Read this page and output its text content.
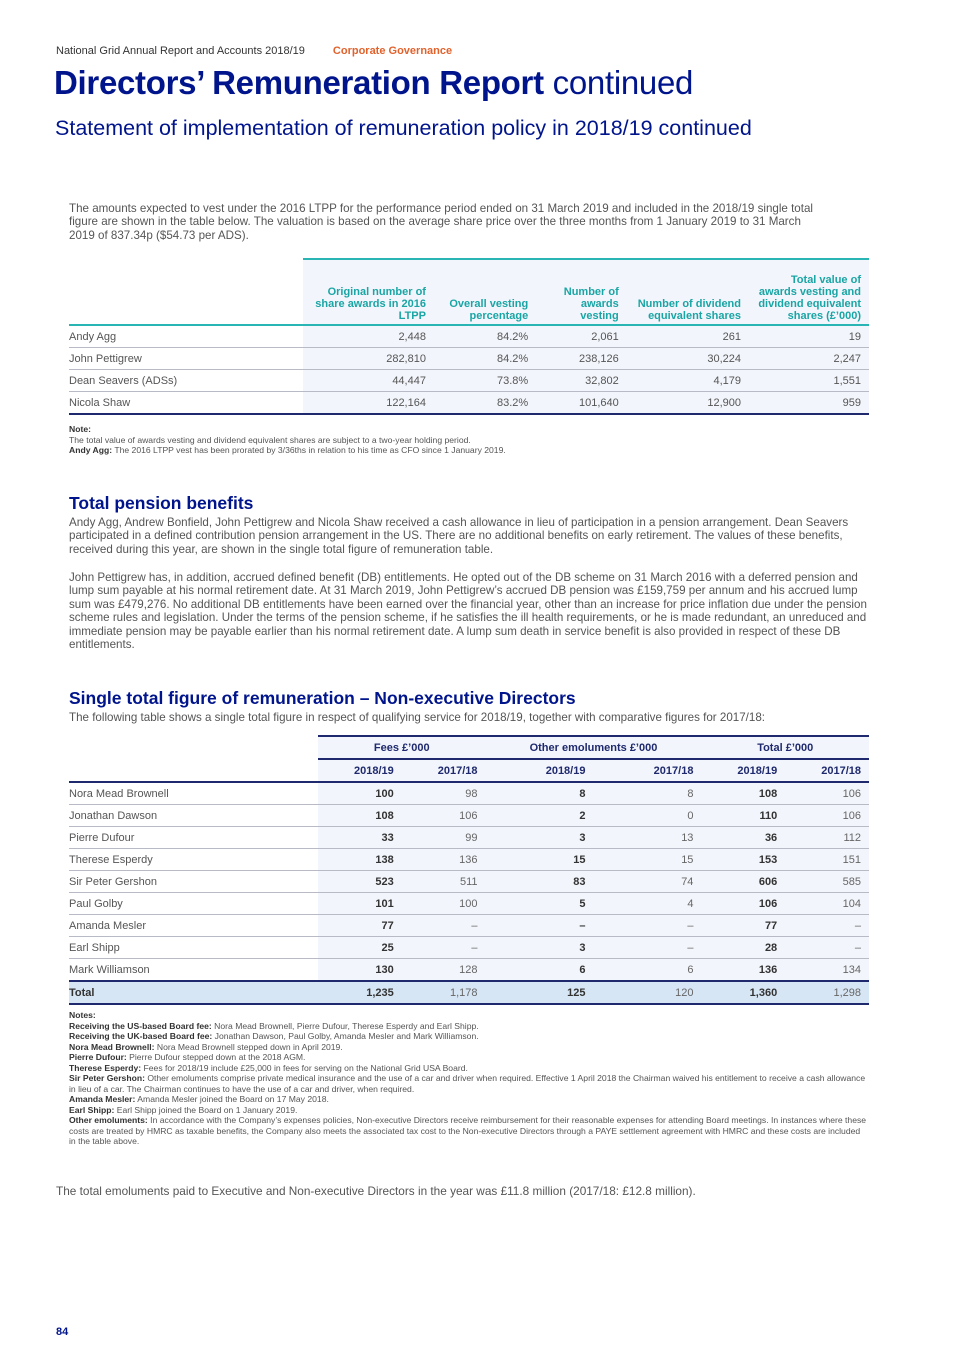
National Grid Annual Report and Accounts 2018/19	Corporate Governance
Directors’ Remuneration Report continued
Statement of implementation of remuneration policy in 2018/19 continued
The amounts expected to vest under the 2016 LTPP for the performance period ended on 31 March 2019 and included in the 2018/19 single total figure are shown in the table below. The valuation is based on the average share price over the three months from 1 January 2019 to 31 March 2019 of 837.34p ($54.73 per ADS).
	Original number of share awards in 2016 LTPP	Overall vesting percentage	Number of awards vesting	Number of dividend equivalent shares	Total value of awards vesting and dividend equivalent shares (£’000)
Andy Agg	2,448	84.2%	2,061	261	19
John Pettigrew	282,810	84.2%	238,126	30,224	2,247
Dean Seavers (ADSs)	44,447	73.8%	32,802	4,179	1,551
Nicola Shaw	122,164	83.2%	101,640	12,900	959
Note:
The total value of awards vesting and dividend equivalent shares are subject to a two-year holding period.
Andy Agg: The 2016 LTPP vest has been prorated by 3/36ths in relation to his time as CFO since 1 January 2019.
Total pension benefits
Andy Agg, Andrew Bonfield, John Pettigrew and Nicola Shaw received a cash allowance in lieu of participation in a pension arrangement. Dean Seavers participated in a defined contribution pension arrangement in the US. There are no additional benefits on early retirement. The values of these benefits, received during this year, are shown in the single total figure of remuneration table.
John Pettigrew has, in addition, accrued defined benefit (DB) entitlements. He opted out of the DB scheme on 31 March 2016 with a deferred pension and lump sum payable at his normal retirement date. At 31 March 2019, John Pettigrew’s accrued DB pension was £159,759 per annum and his accrued lump sum was £479,276. No additional DB entitlements have been earned over the financial year, other than an increase for price inflation due under the pension scheme rules and legislation. Under the terms of the pension scheme, if he satisfies the ill health requirements, or he is made redundant, an unreduced and immediate pension may be payable earlier than his normal retirement date. A lump sum death in service benefit is also provided in respect of these DB entitlements.
Single total figure of remuneration – Non-executive Directors
The following table shows a single total figure in respect of qualifying service for 2018/19, together with comparative figures for 2017/18:
	Fees £’000		Other emoluments £’000		Total £’000	
	2018/19	2017/18	2018/19	2017/18	2018/19	2017/18
Nora Mead Brownell	100	98	8	8	108	106
Jonathan Dawson	108	106	2	0	110	106
Pierre Dufour	33	99	3	13	36	112
Therese Esperdy	138	136	15	15	153	151
Sir Peter Gershon	523	511	83	74	606	585
Paul Golby	101	100	5	4	106	104
Amanda Mesler	77	–	–	–	77	–
Earl Shipp	25	–	3	–	28	–
Mark Williamson	130	128	6	6	136	134
Total	1,235	1,178	125	120	1,360	1,298
Notes:
Receiving the US-based Board fee: Nora Mead Brownell, Pierre Dufour, Therese Esperdy and Earl Shipp.
Receiving the UK-based Board fee: Jonathan Dawson, Paul Golby, Amanda Mesler and Mark Williamson.
Nora Mead Brownell: Nora Mead Brownell stepped down in April 2019.
Pierre Dufour: Pierre Dufour stepped down at the 2018 AGM.
Therese Esperdy: Fees for 2018/19 include £25,000 in fees for serving on the National Grid USA Board.
Sir Peter Gershon: Other emoluments comprise private medical insurance and the use of a car and driver when required. Effective 1 April 2018 the Chairman waived his entitlement to receive a cash allowance in lieu of a car. The Chairman continues to have the use of a car and driver, when required.
Amanda Mesler: Amanda Mesler joined the Board on 17 May 2018.
Earl Shipp: Earl Shipp joined the Board on 1 January 2019.
Other emoluments: In accordance with the Company’s expenses policies, Non-executive Directors receive reimbursement for their reasonable expenses for attending Board meetings. In instances where these costs are treated by HMRC as taxable benefits, the Company also meets the associated tax cost to the Non-executive Directors through a PAYE settlement agreement with HMRC and these costs are included in the table above.
The total emoluments paid to Executive and Non-executive Directors in the year was £11.8 million (2017/18: £12.8 million).
84
